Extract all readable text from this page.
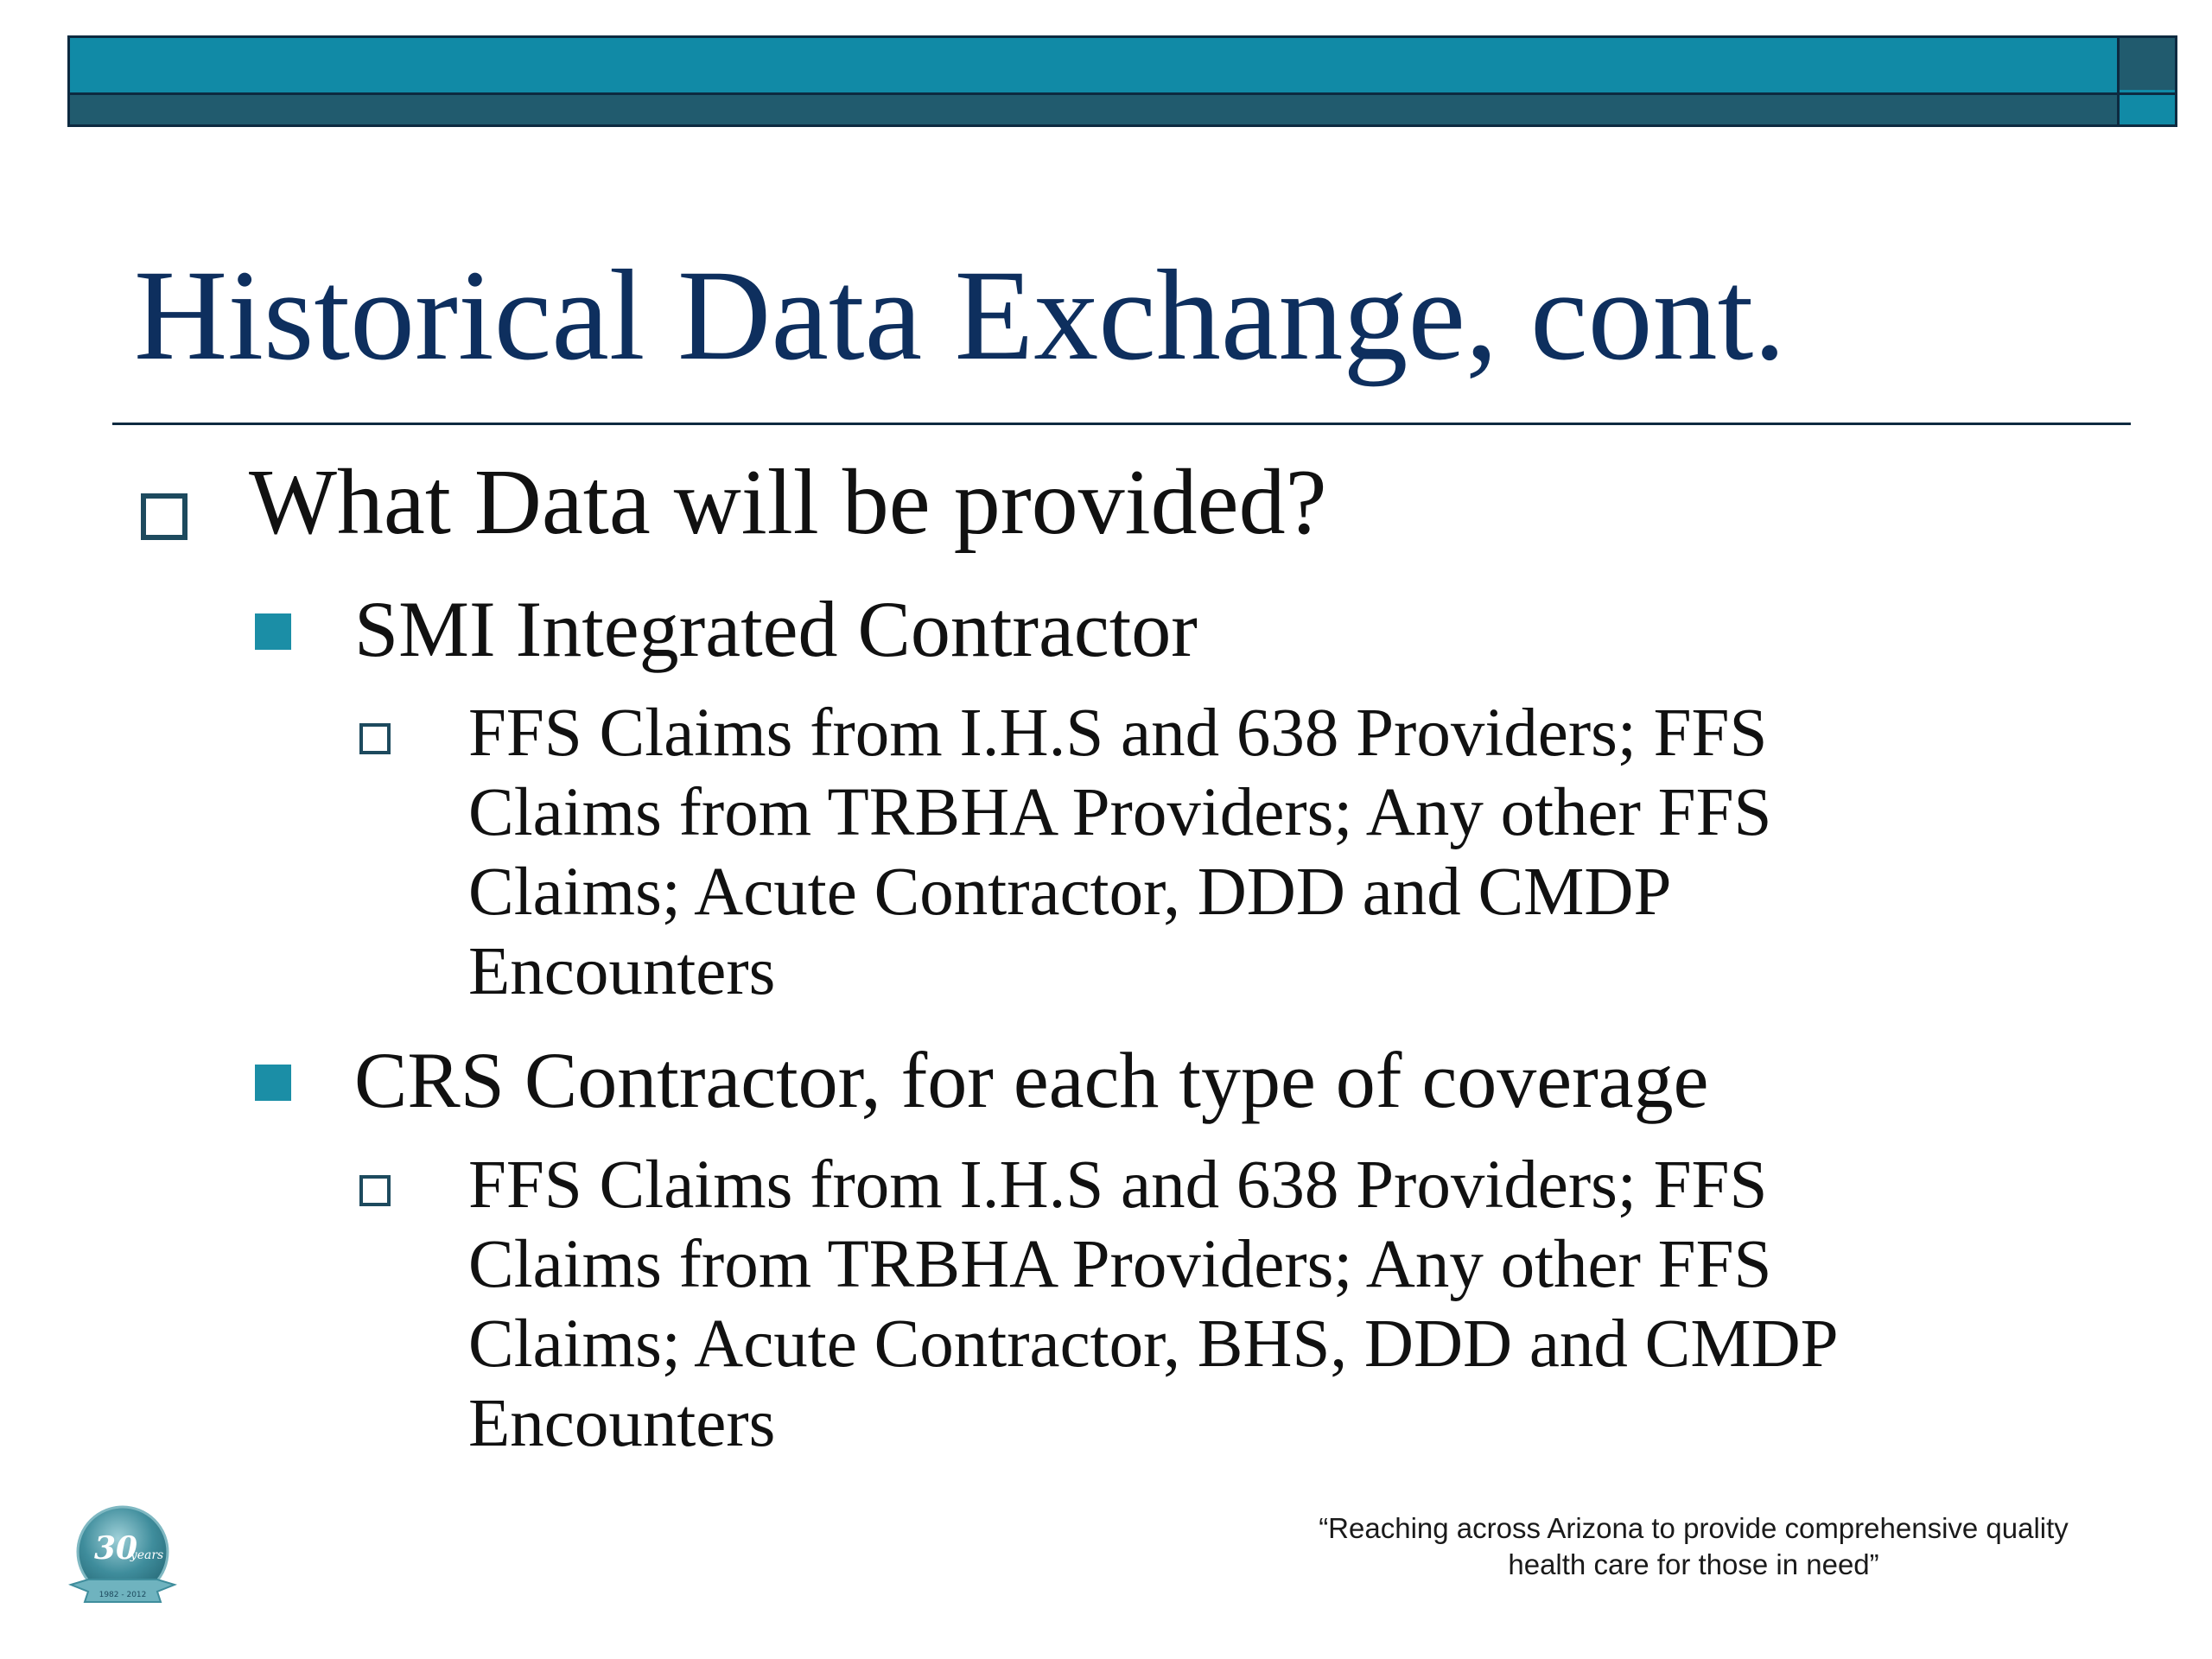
Historical Data Exchange, cont.
What Data will be provided?
SMI Integrated Contractor
FFS Claims from I.H.S and 638 Providers; FFS
Claims from TRBHA Providers; Any other FFS
Claims; Acute Contractor, DDD and CMDP
Encounters
CRS Contractor, for each type of coverage
FFS Claims from I.H.S and 638 Providers; FFS
Claims from TRBHA Providers; Any other FFS
Claims; Acute Contractor, BHS, DDD and CMDP
Encounters
30
years
1982 - 2012
“Reaching across Arizona to provide comprehensive quality
health care for those in need”
